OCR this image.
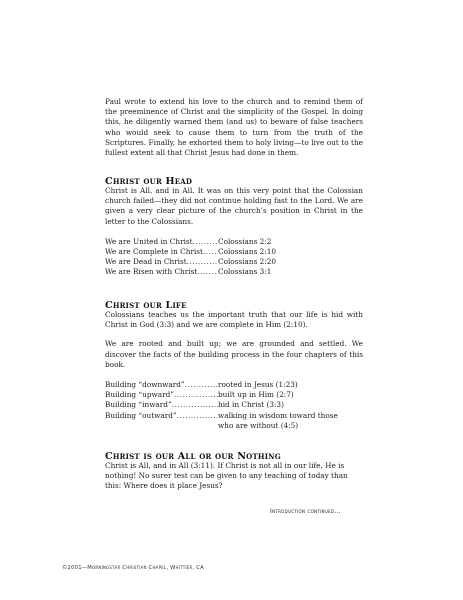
Paul wrote to extend his love to the church and to remind them of the preeminence of Christ and the simplicity of the Gospel. In doing this, he diligently warned them (and us) to beware of false teachers who would seek to cause them to turn from the truth of the Scriptures. Finally, he exhorted them to holy living—to live out to the fullest extent all that Christ Jesus had done in them.

Christ our Head

Christ is All, and in All. It was on this very point that the Colossian church failed—they did not continue holding fast to the Lord. We are given a very clear picture of the church’s position in Christ in the letter to the Colossians.

We are United in Christ .....	Colossians 2:2
We are Complete in Christ ..... Colossians 2:10
We are Dead in Christ .....	Colossians 2:20
We are Risen with Christ .....	Colossians 3:1

Christ our Life

Colossians teaches us the important truth that our life is hid with Christ in God (3:3) and we are complete in Him (2:10).

We are rooted and built up; we are grounded and settled. We discover the facts of the building process in the four chapters of this book.

Building “downward” .....	rooted in Jesus (1:23)
Building “upward” .....	built up in Him (2:7)
Building “inward” .....	hid in Christ (3:3)
Building “outward” .....	walking in wisdom toward those
who are without (4:5)

Christ is our All or our Nothing

Christ is All, and in All (3:11). If Christ is not all in our life, He is nothing! No surer test can be given to any teaching of today than this: Where does it place Jesus?

Introduction continued...
©2001—Morningstar Christian Chapel, Whittier, CA
